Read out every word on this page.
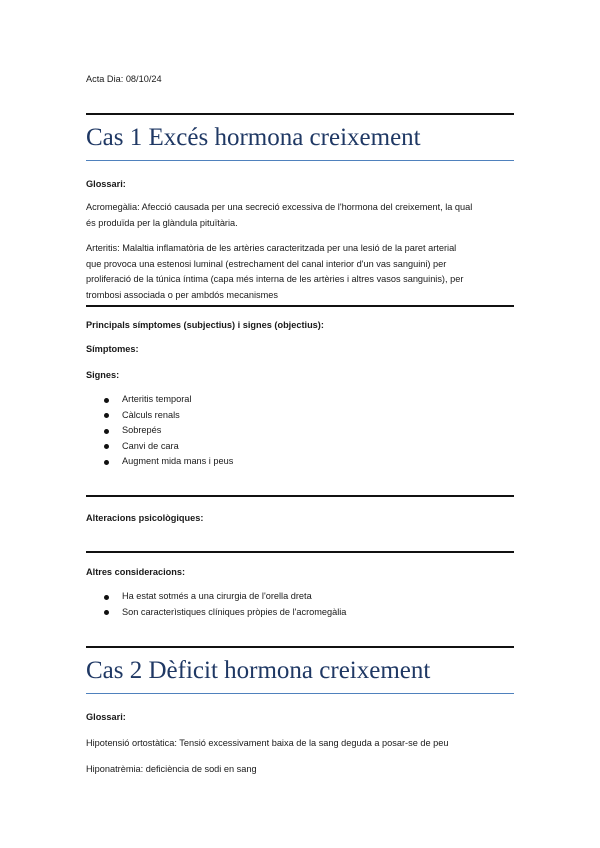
Acta Dia: 08/10/24
Cas 1 Excés hormona creixement
Glossari:
Acromegàlia: Afecció causada per una secreció excessiva de l'hormona del creixement, la qual
és produïda per la glàndula pituïtària.
Arteritis: Malaltia inflamatòria de les artèries caracteritzada per una lesió de la paret arterial
que provoca una estenosi luminal (estrechament del canal interior d'un vas sanguini) per
proliferació de la túnica íntima (capa més interna de les artèries i altres vasos sanguinis), per
trombosi associada o per ambdós mecanismes
Principals símptomes (subjectius) i signes (objectius):
Símptomes:
Signes:
Arteritis temporal
Càlculs renals
Sobrepés
Canvi de cara
Augment mida mans i peus
Alteracions psicològiques:
Altres consideracions:
Ha estat sotmés a una cirurgia de l'orella dreta
Son caracterìstiques clíniques pròpies de l'acromegàlia
Cas 2 Dèficit hormona creixement
Glossari:
Hipotensió ortostàtica: Tensió excessivament baixa de la sang deguda a posar-se de peu
Hiponatrèmia: deficiència de sodi en sang
